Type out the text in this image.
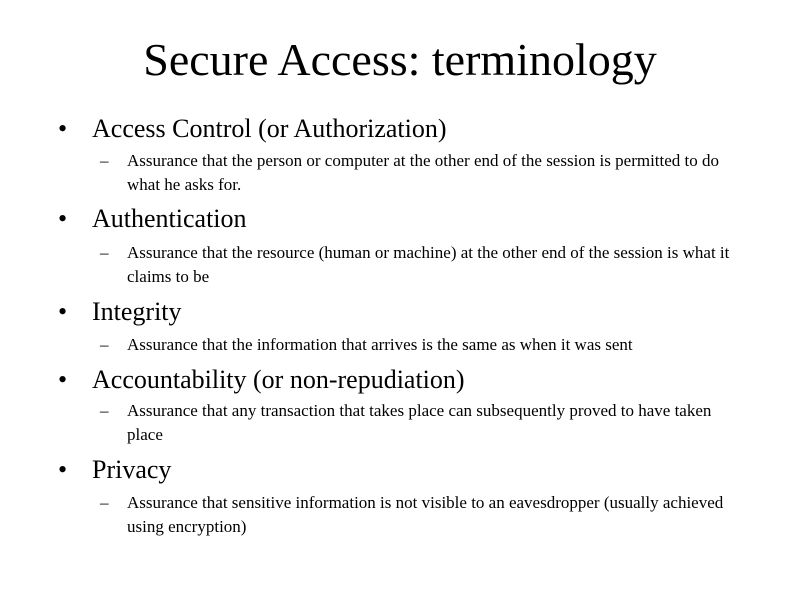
Secure Access: terminology
• Access Control (or Authorization)
– Assurance that the person or computer at the other end of the session is permitted to do what he asks for.
• Authentication
– Assurance that the resource (human or machine) at the other end of the session is what it claims to be
• Integrity
– Assurance that the information that arrives is the same as when it was sent
• Accountability (or non-repudiation)
– Assurance that any transaction that takes place can subsequently proved to have taken place
• Privacy
– Assurance that sensitive information is not visible to an eavesdropper (usually achieved using encryption)
